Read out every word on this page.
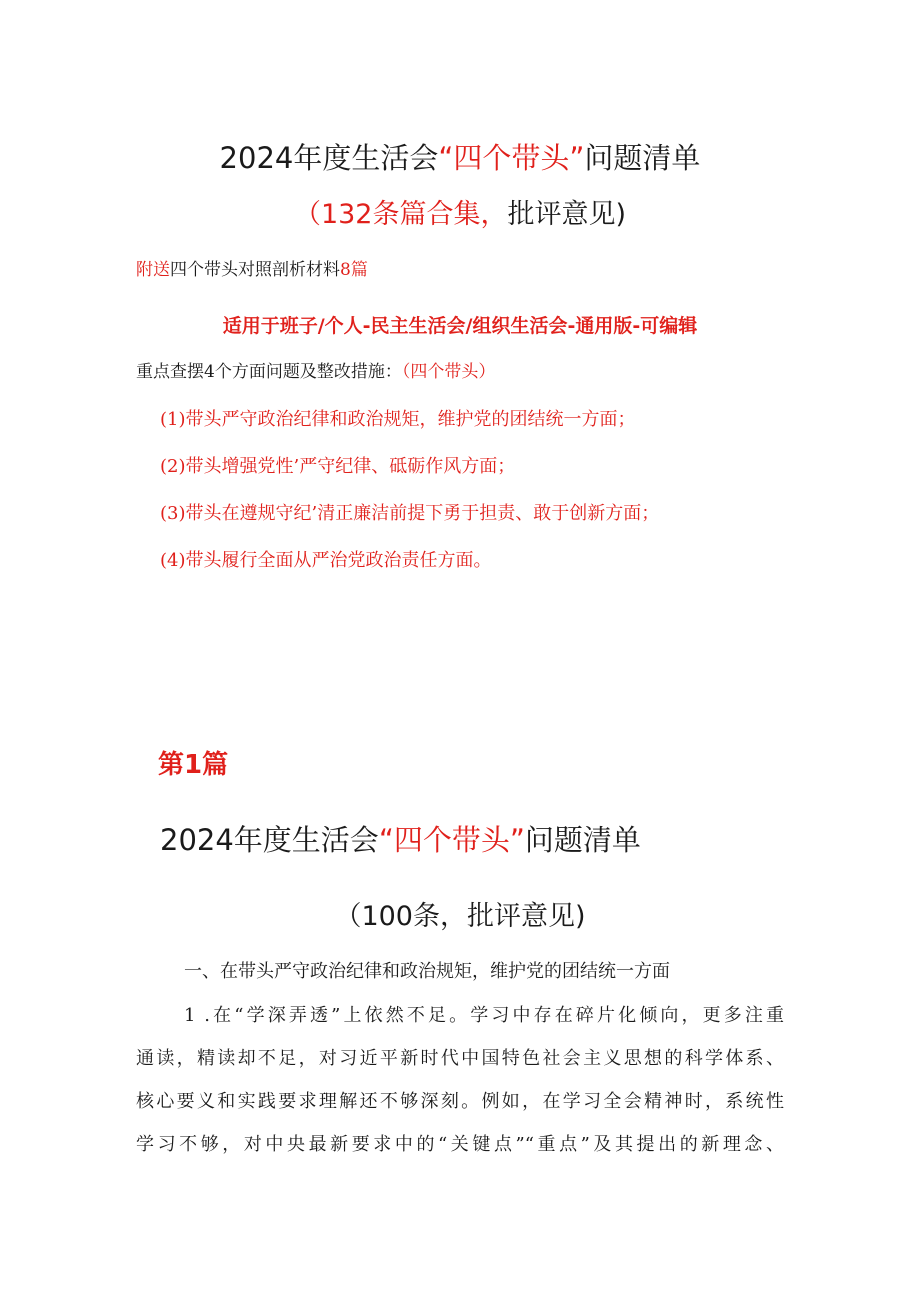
2024年度生活会“四个带头”问题清单
（132条篇合集，批评意见)
附送四个带头对照剖析材料8篇
适用于班子/个人-民主生活会/组织生活会-通用版-可编辑
重点查摆4个方面问题及整改措施：（四个带头）
(1)带头严守政治纪律和政治规矩，维护党的团结统一方面；
(2)带头增强党性’严守纪律、砥砺作风方面；
(3)带头在遵规守纪’清正廉洁前提下勇于担责、敢于创新方面；
(4)带头履行全面从严治党政治责任方面。
第1篇
2024年度生活会“四个带头”问题清单
（100条，批评意见)
一、在带头严守政治纪律和政治规矩，维护党的团结统一方面
1 .在“学深弄透”上依然不足。学习中存在碎片化倾向，更多注重
通读，精读却不足，对习近平新时代中国特色社会主义思想的科学体系、
核心要义和实践要求理解还不够深刻。例如，在学习全会精神时，系统性
学习不够，对中央最新要求中的“关键点”“重点”及其提出的新理念、
